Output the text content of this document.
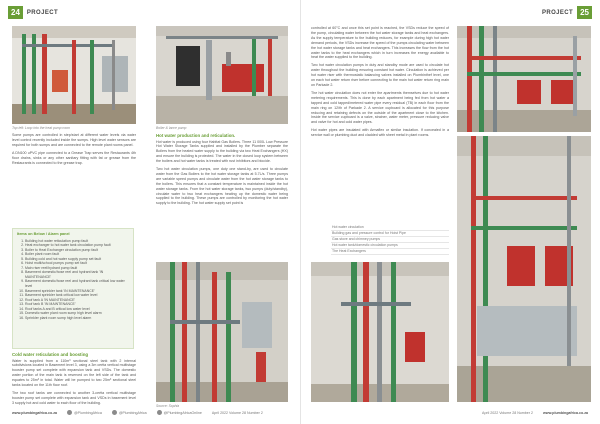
24	PROJECT
Top left: Loop into the heat pump room	Boiler & lance pump

Some pumps are controlled in step/start at different water levels via water level control recently included inside the sumps. High level water sensors are required for both sumps and are connected to the remote plant rooms panel.

A DN100 uPVC pipe connected to a Grease Trap serves the Restaurants 4th floor drains, sinks or any other sanitary fitting with fat or grease from the Restaurants is connected to the grease trap.

Items on Below / Alarm panel
1. Building hot water reticulation pump fault
2. Heat exchanger to hot water tank circulation pump fault
3. Boiler to Heat Exchanger circulation pump fault
4. Boiler plant room fault
5. Building cold and hot water supply pump set fault
6. Hoist multi/school pumps pump set fault
7. Main riser reel/hydrant pump fault
8. Basement domestic/hose reel and hydrant tank 'IN MAINTENANCE'
9. Basement domestic/hose reel and hydrant tank critical low water level
10. Basement sprinkler tank 'IN MAINTENANCE'
11. Basement sprinkler tank critical low water level
12. Roof tank A 'IN MAINTENANCE'
13. Roof tank B 'IN MAINTENANCE'
14. Roof tanks A and B critical low water level
15. Domestic water plant room sump high level alarm
16. Sprinkler plant room sump high level alarm
Cold water reticulation and boosting

Water is supplied from a 110m³ sectional steel tank with 2 internal subdivisions located in Basement level 3, using a 3m ceéta vertical multistage booster pump set complete with expansion tank and VSDs. The domestic water portion of the main tank is reserved on the left side of the tank and equates to 25m³ in total. Water will be pumped to two 25m³ sectional steel tanks located on the 11th floor roof.

The two roof tanks are connected to another 3-ceéta vertical multistage booster pump set complete with expansion tank and VSDs in basement level 3 supply hot and cold water to each floor of the building.

Hot water production and reticulation.

Hot water is produced using four Habitat Gas Boilers. Three 11 000L Low Pressure Hot Water Storage Tanks supplied and installed by the Plumber separate the Boilers from the heated water supply to the building via two Heat Exchangers (HX) and ensure the building is protected. The water in the closed loop system between the boilers and hot water tanks is treated with rust inhibitors and biocide.

Two hot water circulation pumps, one duty one stand-by, are used to circulate water from the Gas Boilers to the hot water storage tanks at 5.7L/s. Three pumps are variable speed pumps and circulate water from the hot water storage tanks to the boilers. This ensures that a constant temperature is maintained inside the hot water storage tanks. From the hot water storage tanks, two pumps (duty/standby), circulate water to two heat exchangers heating up the domestic water being supplied to the building. These pumps are controlled by monitoring the hot water supply to the building. The hot water supply set point is

Source: Sophia
www.plumbingafrica.co.za	@PlumbingAfrica	@PlumbingAfrica	@PlumbingAfricaOnline	April 2022 Volume 28 Number 2
PROJECT 25

controlled at 60°C and once this set point is reached, the VSDs reduce the speed of the pump, circulating water between the hot water storage tanks and heat exchangers. As the supply temperature to the building reduces, for example during high hot water demand periods, the VSDs increase the speed of the pumps circulating water between the hot water storage tanks and heat exchangers. This increases the flow from the hot water tanks to the heat exchangers which in turn increases the energy available to heat the water supplied to the building.

Two hot water circulation pumps in duty and standby mode are used to circulate hot water throughout the building ensuring constant hot water. Circulation is achieved per hot water riser with thermostatic balancing valves installed on Plumbinthef level, one on each hot water return riser before connecting to the main hot water return ring main on Parkade 2.

The hot water circulation does not enter the apartments themselves due to hot water metering requirements. This is done by each apartment being fed from hot water a tapped and cold tapped/metered water pipe every residual (TB) in each floor from the main ring on 12/th of Parkade 2. A service cupboard is allocated for this purpose reducing and retaining defects on the outside of the apartment close to the kitchen. Inside the service cupboard is a valve, strainer, water meter, pressure reducing valve and valve for hot and cold water pipes.

Hot water pipes are insulated with Armaflex or similar insulation. If concealed in a service wall or plumbing duct and cladded with sheet metal in plant rooms.

Hot water circulation
Building gas and pressure control for Hoist Pipe
Gas stove and chimney pumps
Hot water tank/domestic circulation pumps
The Heat Exchangers
April 2022 Volume 28 Number 2	www.plumbingafrica.co.za
